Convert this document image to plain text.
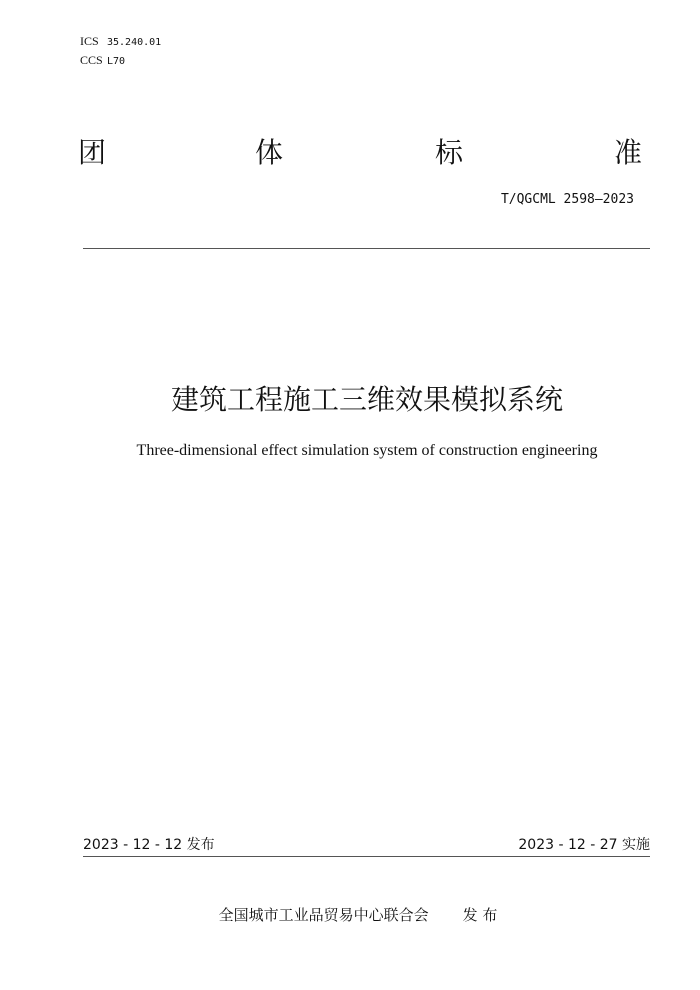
ICS 35.240.01
CCS L70
团	体	标	准
T/QGCML 2598—2023
建筑工程施工三维效果模拟系统
Three-dimensional effect simulation system of construction engineering
2023 - 12 - 12 发布	2023 - 12 - 27 实施
全国城市工业品贸易中心联合会 发 布
